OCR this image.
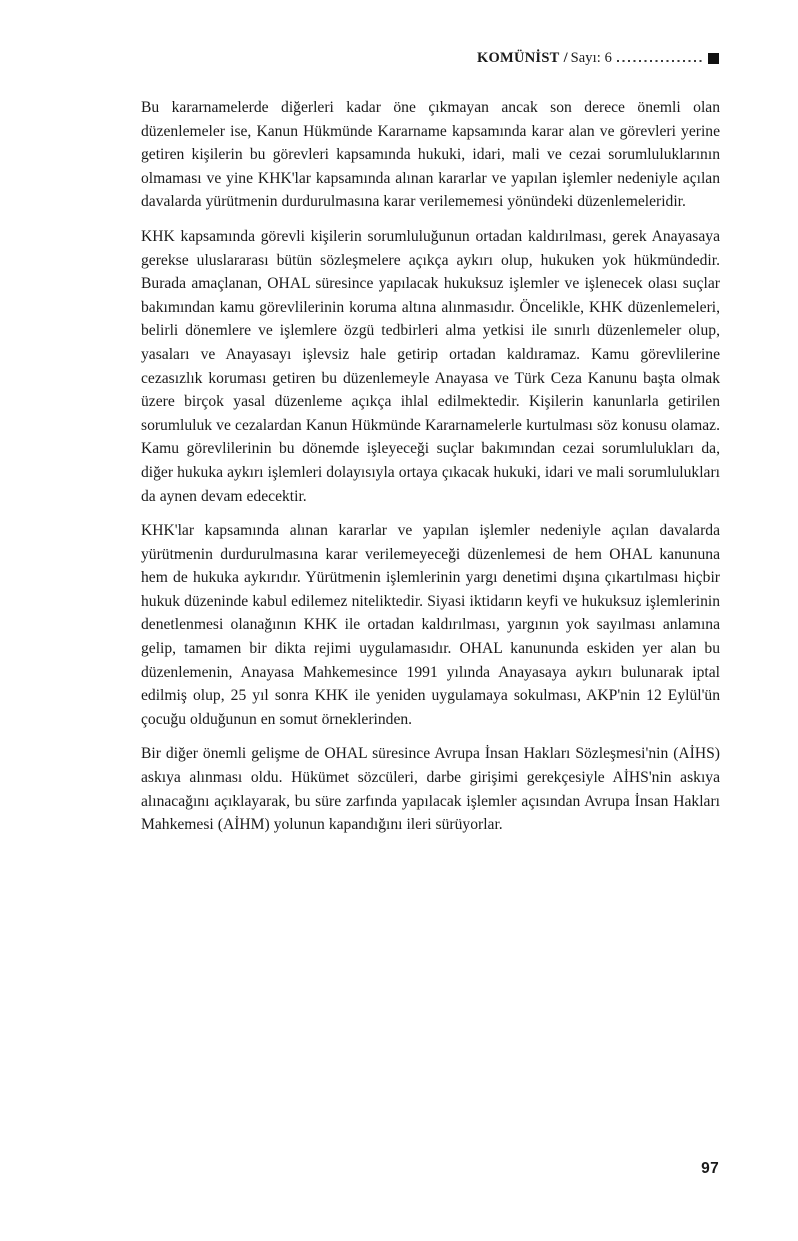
KOMÜNİST / Sayı: 6

Bu kararnamelerde diğerleri kadar öne çıkmayan ancak son derece önemli olan düzenlemeler ise, Kanun Hükmünde Kararname kapsamında karar alan ve görevleri yerine getiren kişilerin bu görevleri kapsamında hukuki, idari, mali ve cezai sorumluluklarının olmaması ve yine KHK'lar kapsamında alınan kararlar ve yapılan işlemler nedeniyle açılan davalarda yürütmenin durdurulmasına karar verilememesi yönündeki düzenlemeleridir.

KHK kapsamında görevli kişilerin sorumluluğunun ortadan kaldırılması, gerek Anayasaya gerekse uluslararası bütün sözleşmelere açıkça aykırı olup, hukuken yok hükmündedir. Burada amaçlanan, OHAL süresince yapılacak hukuksuz işlemler ve işlenecek olası suçlar bakımından kamu görevlilerinin koruma altına alınmasıdır. Öncelikle, KHK düzenlemeleri, belirli dönemlere ve işlemlere özgü tedbirleri alma yetkisi ile sınırlı düzenlemeler olup, yasaları ve Anayasayı işlevsiz hale getirip ortadan kaldıramaz. Kamu görevlilerine cezasızlık koruması getiren bu düzenlemeyle Anayasa ve Türk Ceza Kanunu başta olmak üzere birçok yasal düzenleme açıkça ihlal edilmektedir. Kişilerin kanunlarla getirilen sorumluluk ve cezalardan Kanun Hükmünde Kararnamelerle kurtulması söz konusu olamaz. Kamu görevlilerinin bu dönemde işleyeceği suçlar bakımından cezai sorumlulukları da, diğer hukuka aykırı işlemleri dolayısıyla ortaya çıkacak hukuki, idari ve mali sorumlulukları da aynen devam edecektir.

KHK'lar kapsamında alınan kararlar ve yapılan işlemler nedeniyle açılan davalarda yürütmenin durdurulmasına karar verilemeyeceği düzenlemesi de hem OHAL kanununa hem de hukuka aykırıdır. Yürütmenin işlemlerinin yargı denetimi dışına çıkartılması hiçbir hukuk düzeninde kabul edilemez niteliktedir. Siyasi iktidarın keyfi ve hukuksuz işlemlerinin denetlenmesi olanağının KHK ile ortadan kaldırılması, yargının yok sayılması anlamına gelip, tamamen bir dikta rejimi uygulamasıdır. OHAL kanununda eskiden yer alan bu düzenlemenin, Anayasa Mahkemesince 1991 yılında Anayasaya aykırı bulunarak iptal edilmiş olup, 25 yıl sonra KHK ile yeniden uygulamaya sokulması, AKP'nin 12 Eylül'ün çocuğu olduğunun en somut örneklerinden.

Bir diğer önemli gelişme de OHAL süresince Avrupa İnsan Hakları Sözleşmesi'nin (AİHS) askıya alınması oldu. Hükümet sözcüleri, darbe girişimi gerekçesiyle AİHS'nin askıya alınacağını açıklayarak, bu süre zarfında yapılacak işlemler açısından Avrupa İnsan Hakları Mahkemesi (AİHM) yolunun kapandığını ileri sürüyorlar.

97
